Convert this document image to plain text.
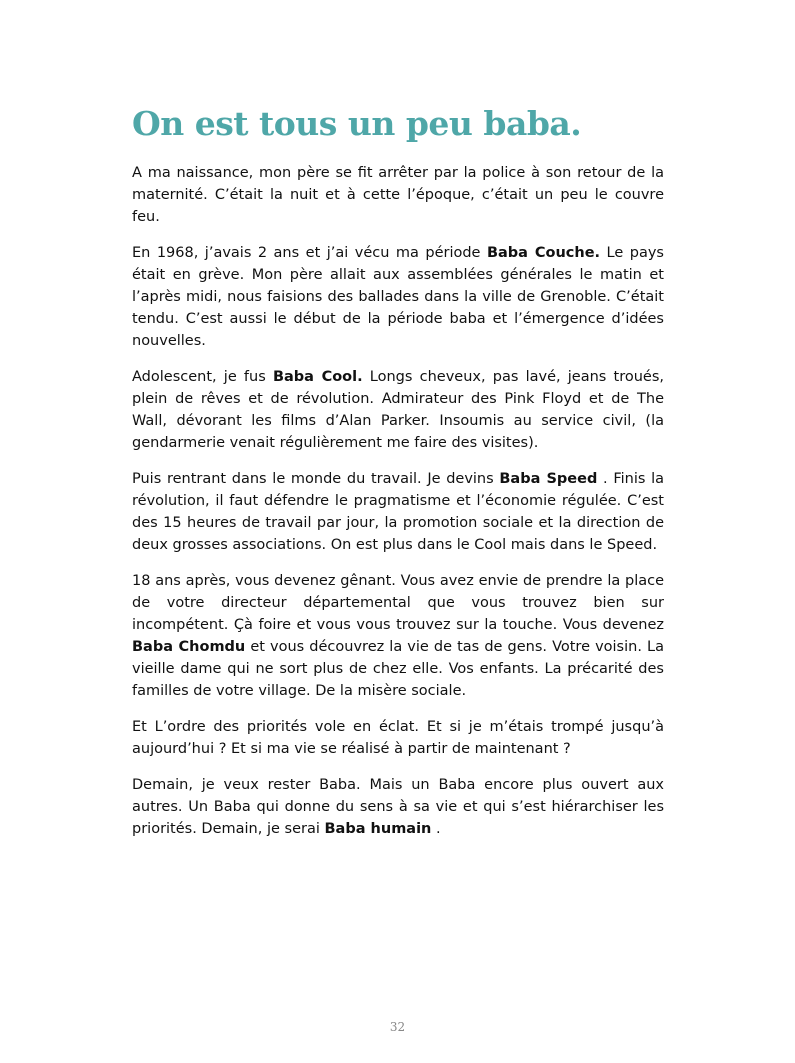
On est tous un peu baba.

A ma naissance, mon père se fit arrêter par la police à son retour de la maternité. C’était la nuit et à cette l’époque, c’était un peu le couvre feu.

En 1968, j’avais 2 ans et j’ai vécu ma période Baba Couche. Le pays était en grève. Mon père allait aux assemblées générales le matin et l’après midi, nous faisions des ballades dans la ville de Grenoble. C’était tendu. C’est aussi le début de la période baba et l’émergence d’idées nouvelles.

Adolescent, je fus Baba Cool. Longs cheveux, pas lavé, jeans troués, plein de rêves et de révolution. Admirateur des Pink Floyd et de The Wall, dévorant les films d’Alan Parker. Insoumis au service civil, (la gendarmerie venait régulièrement me faire des visites).

Puis rentrant dans le monde du travail. Je devins Baba Speed . Finis la révolution, il faut défendre le pragmatisme et l’économie régulée. C’est des 15 heures de travail par jour, la promotion sociale et la direction de deux grosses associations. On est plus dans le Cool mais dans le Speed.

18 ans après, vous devenez gênant. Vous avez envie de prendre la place de votre directeur départemental que vous trouvez bien sur incompétent. Çà foire et vous vous trouvez sur la touche. Vous devenez Baba Chomdu et vous découvrez la vie de tas de gens. Votre voisin. La vieille dame qui ne sort plus de chez elle. Vos enfants. La précarité des familles de votre village. De la misère sociale.

Et L’ordre des priorités vole en éclat. Et si je m’étais trompé jusqu’à aujourd’hui ? Et si ma vie se réalisé à partir de maintenant ?

Demain, je veux rester Baba. Mais un Baba encore plus ouvert aux autres. Un Baba qui donne du sens à sa vie et qui s’est hiérarchiser les priorités. Demain, je serai Baba humain .

32
